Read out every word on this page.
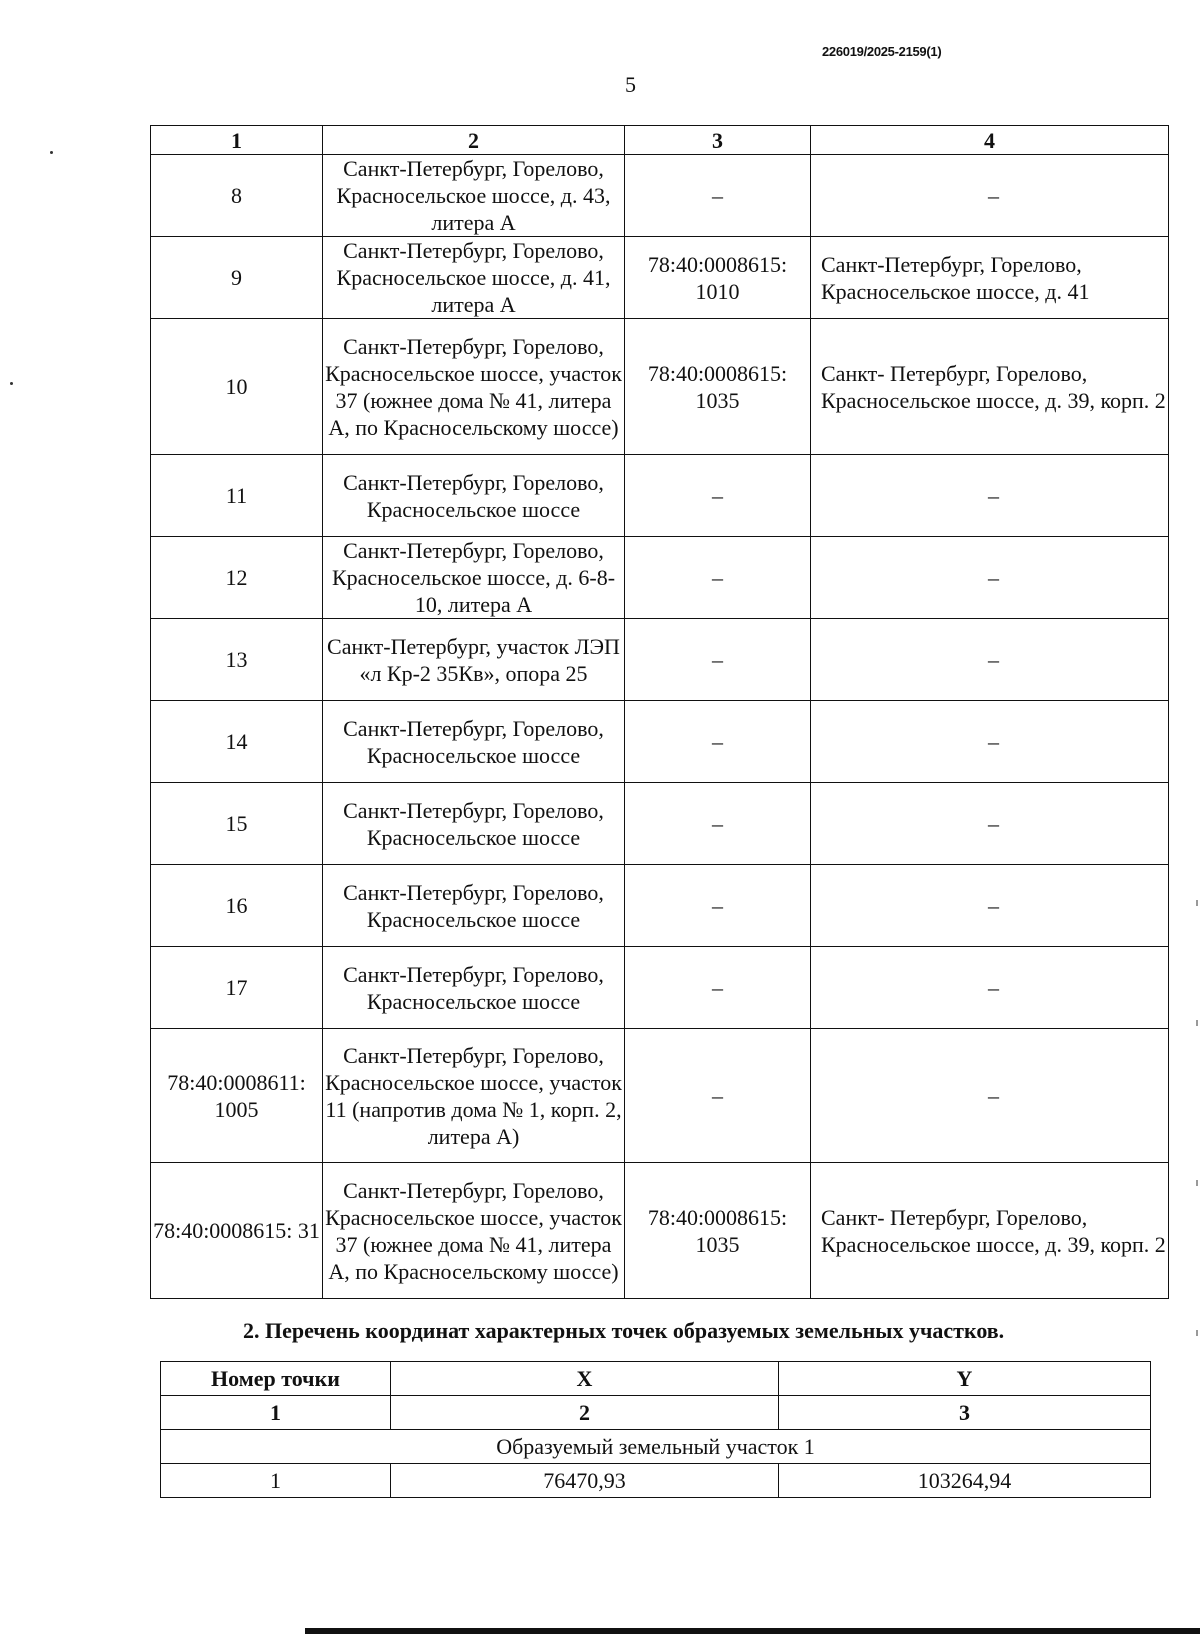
226019/2025-2159(1)
5
1	2	3	4
8	Санкт-Петербург, Горелово, Красносельское шоссе, д. 43, литера А	–	–
9	Санкт-Петербург, Горелово, Красносельское шоссе, д. 41, литера А	78:40:0008615: 1010	Санкт-Петербург, Горелово, Красносельское шоссе, д. 41
10	Санкт-Петербург, Горелово, Красносельское шоссе, участок 37 (южнее дома № 41, литера А, по Красносельскому шоссе)	78:40:0008615: 1035	Санкт- Петербург, Горелово, Красносельское шоссе, д. 39, корп. 2
11	Санкт-Петербург, Горелово, Красносельское шоссе	–	–
12	Санкт-Петербург, Горелово, Красносельское шоссе, д. 6-8-10, литера А	–	–
13	Санкт-Петербург, участок ЛЭП «л Кр-2 35Кв», опора 25	–	–
14	Санкт-Петербург, Горелово, Красносельское шоссе	–	–
15	Санкт-Петербург, Горелово, Красносельское шоссе	–	–
16	Санкт-Петербург, Горелово, Красносельское шоссе	–	–
17	Санкт-Петербург, Горелово, Красносельское шоссе	–	–
78:40:0008611: 1005	Санкт-Петербург, Горелово, Красносельское шоссе, участок 11 (напротив дома № 1, корп. 2, литера А)	–	–
78:40:0008615: 31	Санкт-Петербург, Горелово, Красносельское шоссе, участок 37 (южнее дома № 41, литера А, по Красносельскому шоссе)	78:40:0008615: 1035	Санкт- Петербург, Горелово, Красносельское шоссе, д. 39, корп. 2
2. Перечень координат характерных точек образуемых земельных участков.
Номер точки	X	Y
1	2	3
Образуемый земельный участок 1		
1	76470,93	103264,94
